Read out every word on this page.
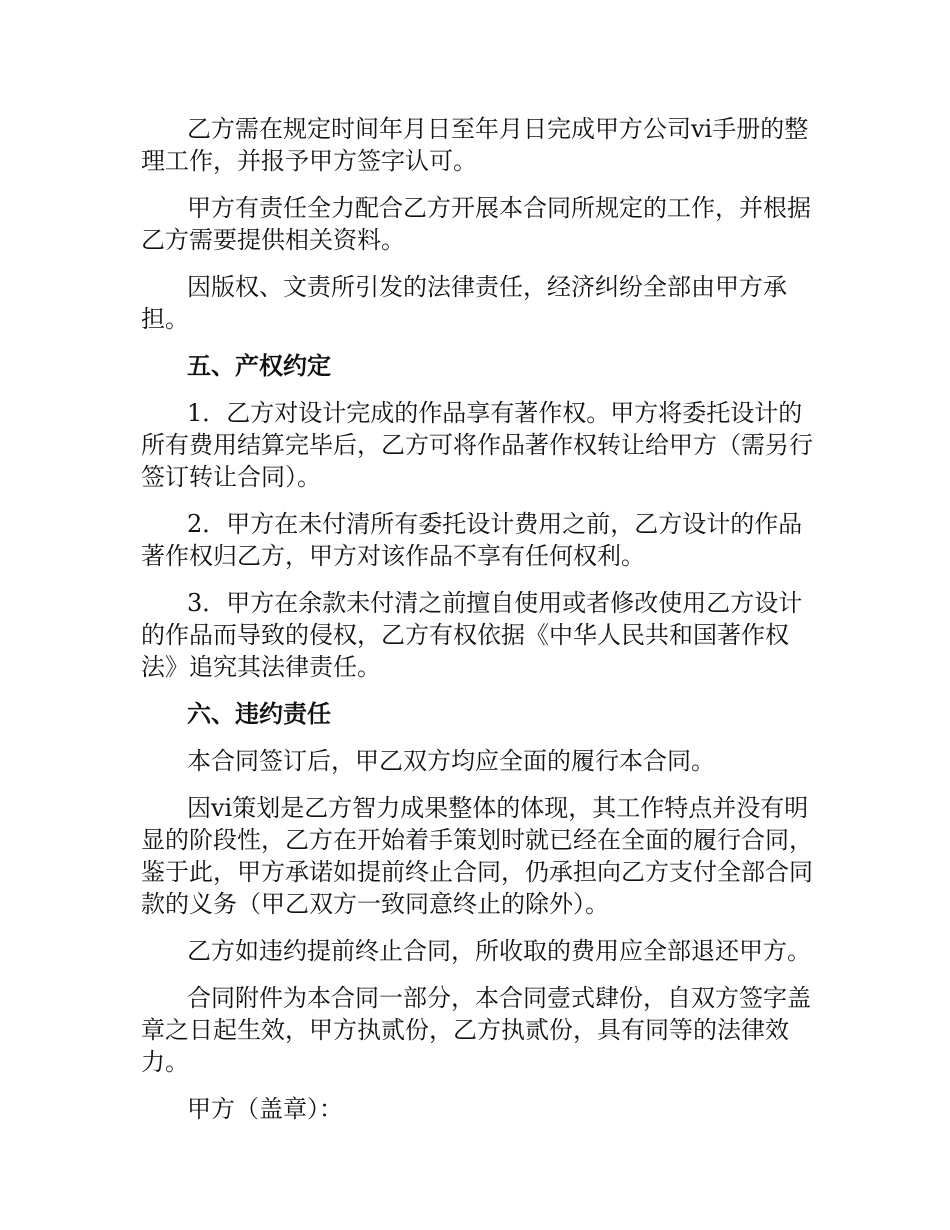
乙方需在规定时间年月日至年月日完成甲方公司vi手册的整理工作，并报予甲方签字认可。

甲方有责任全力配合乙方开展本合同所规定的工作，并根据乙方需要提供相关资料。

因版权、文责所引发的法律责任，经济纠纷全部由甲方承担。

五、产权约定

1．乙方对设计完成的作品享有著作权。甲方将委托设计的所有费用结算完毕后，乙方可将作品著作权转让给甲方（需另行签订转让合同）。

2．甲方在未付清所有委托设计费用之前，乙方设计的作品著作权归乙方，甲方对该作品不享有任何权利。

3．甲方在余款未付清之前擅自使用或者修改使用乙方设计的作品而导致的侵权，乙方有权依据《中华人民共和国著作权法》追究其法律责任。

六、违约责任

本合同签订后，甲乙双方均应全面的履行本合同。

因vi策划是乙方智力成果整体的体现，其工作特点并没有明显的阶段性，乙方在开始着手策划时就已经在全面的履行合同，鉴于此，甲方承诺如提前终止合同，仍承担向乙方支付全部合同款的义务（甲乙双方一致同意终止的除外）。

乙方如违约提前终止合同，所收取的费用应全部退还甲方。

合同附件为本合同一部分，本合同壹式肆份，自双方签字盖章之日起生效，甲方执贰份，乙方执贰份，具有同等的法律效力。

甲方（盖章）：
